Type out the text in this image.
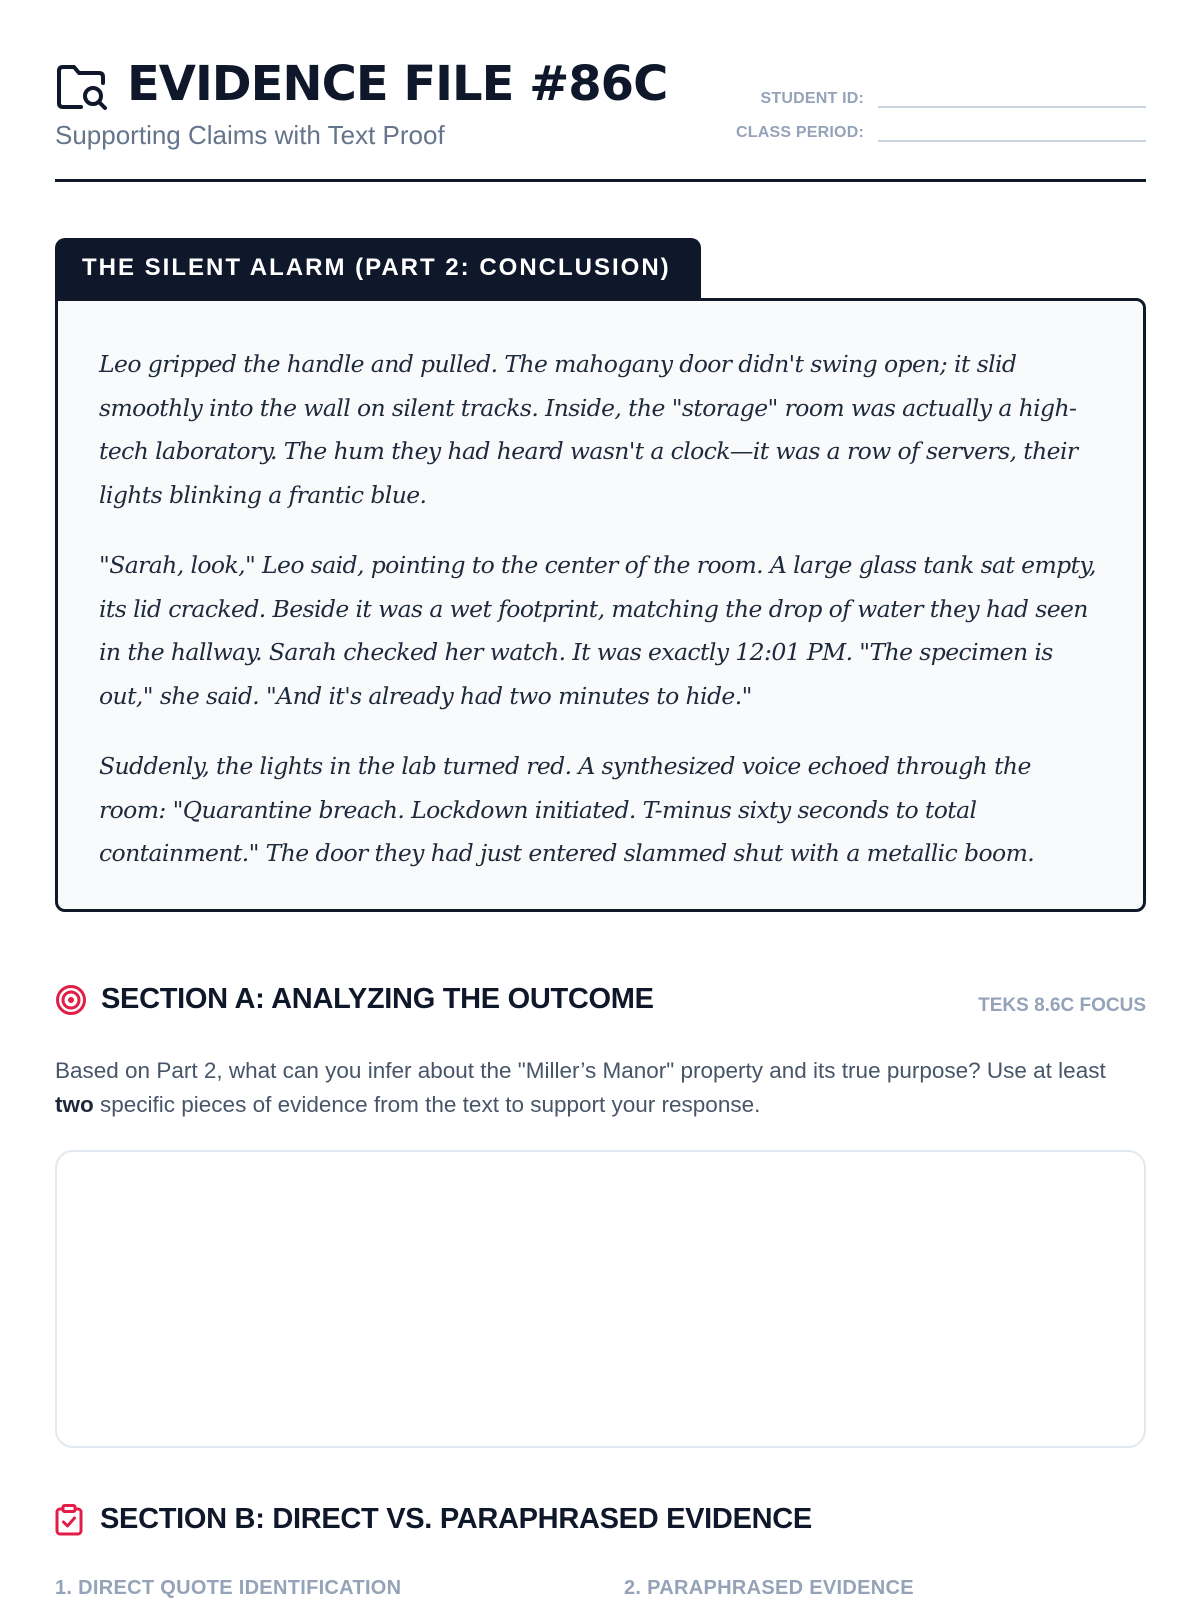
EVIDENCE FILE #86C
Supporting Claims with Text Proof
STUDENT ID:
CLASS PERIOD:
THE SILENT ALARM (PART 2: CONCLUSION)

Leo gripped the handle and pulled. The mahogany door didn't swing open; it slid smoothly into the wall on silent tracks. Inside, the "storage" room was actually a high-tech laboratory. The hum they had heard wasn't a clock—it was a row of servers, their lights blinking a frantic blue.

"Sarah, look," Leo said, pointing to the center of the room. A large glass tank sat empty, its lid cracked. Beside it was a wet footprint, matching the drop of water they had seen in the hallway. Sarah checked her watch. It was exactly 12:01 PM. "The specimen is out," she said. "And it's already had two minutes to hide."

Suddenly, the lights in the lab turned red. A synthesized voice echoed through the room: "Quarantine breach. Lockdown initiated. T-minus sixty seconds to total containment." The door they had just entered slammed shut with a metallic boom.

SECTION A: ANALYZING THE OUTCOME	TEKS 8.6C FOCUS
Based on Part 2, what can you infer about the "Miller’s Manor" property and its true purpose? Use at least two specific pieces of evidence from the text to support your response.
SECTION B: DIRECT VS. PARAPHRASED EVIDENCE
1. DIRECT QUOTE IDENTIFICATION	2. PARAPHRASED EVIDENCE
